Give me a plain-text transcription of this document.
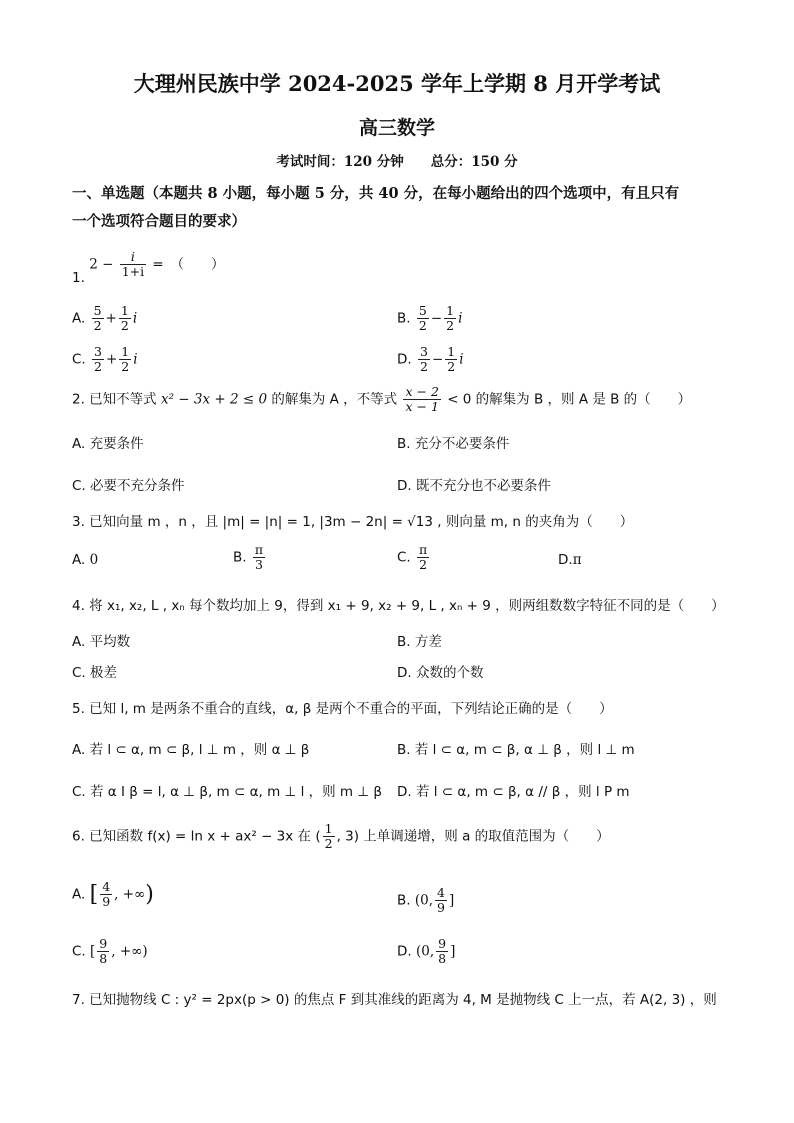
大理州民族中学 2024-2025 学年上学期 8 月开学考试
高三数学
考试时间：120 分钟　　总分：150 分
一、单选题（本题共 8 小题，每小题 5 分，共 40 分，在每小题给出的四个选项中，有且只有
一个选项符合题目的要求）
1. $2 - \frac{i}{1+i}$ =　（　　）
A. $\frac{5}{2} + \frac{1}{2}$ i	B. $\frac{5}{2} - \frac{1}{2}$ i
C. $\frac{3}{2} + \frac{1}{2}$ i	D. $\frac{3}{2} - \frac{1}{2}$ i
2. 已知不等式 x² − 3x + 2 ≤ 0 的解集为 A ，不等式 $\frac{x - 2}{x - 1} < 0$ 的解集为 B ，则 A 是 B 的（　　）
A. 充要条件	B. 充分不必要条件
C. 必要不充分条件	D. 既不充分也不必要条件
3. 已知向量 m ，n ，且 |m| = |n| = 1, |3m − 2n| = √13 , 则向量 m, n 的夹角为（　　）
A. 0	B. $\frac{\pi}{3}$	C. $\frac{\pi}{2}$	D.π
4. 将 x₁, x₂, L , xₙ 每个数均加上 9，得到 x₁ + 9, x₂ + 9, L , xₙ + 9 ，则两组数数字特征不同的是（　　）
A. 平均数	B. 方差
C. 极差	D. 众数的个数
5. 已知 l, m 是两条不重合的直线，α, β 是两个不重合的平面，下列结论正确的是（　　）
A. 若 l ⊂ α, m ⊂ β, l ⊥ m ，则 α ⊥ β	B. 若 l ⊂ α, m ⊂ β, α ⊥ β ，则 l ⊥ m
C. 若 α I β = l, α ⊥ β, m ⊂ α, m ⊥ l ，则 m ⊥ β D. 若 l ⊂ α, m ⊂ β, α // β ，则 l P m
6. 已知函数 f(x) = ln x + ax² − 3x 在 ( $\frac{1}{2}$ , 3) 上单调递增，则 a 的取值范围为（　　）
A. [ $\frac{4}{9}$ , +∞)	B. (0, $\frac{4}{9}$ ]
C. [ $\frac{9}{8}$ , +∞)	D. (0, $\frac{9}{8}$ ]
7. 已知抛物线 C : y² = 2px(p > 0) 的焦点 F 到其准线的距离为 4, M 是抛物线 C 上一点，若 A(2, 3) ，则
